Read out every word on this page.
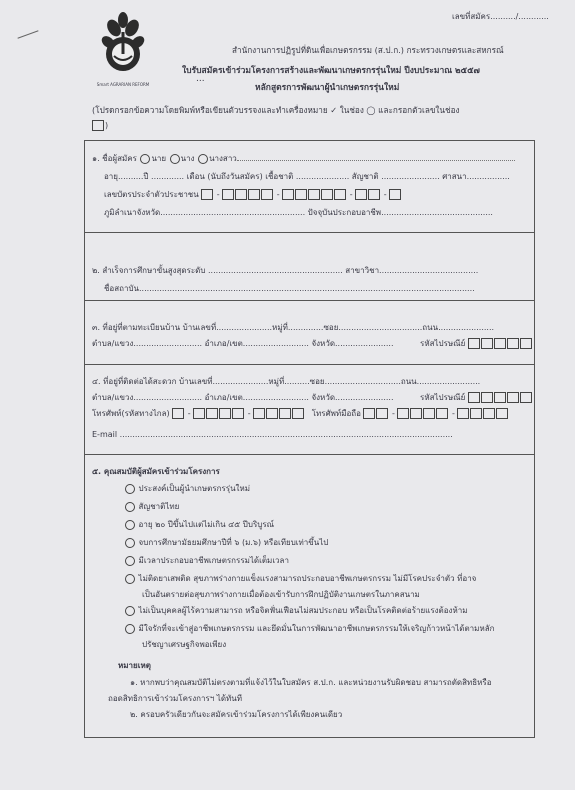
เลขที่สมัคร........../............
Smart AGRARIAN REFORM
สำนักงานการปฏิรูปที่ดินเพื่อเกษตรกรรม (ส.ป.ก.) กระทรวงเกษตรและสหกรณ์
ใบรับสมัครเข้าร่วมโครงการสร้างและพัฒนาเกษตรกรรุ่นใหม่ ปีงบประมาณ ๒๕๕๗
...
หลักสูตรการพัฒนาผู้นำเกษตรกรรุ่นใหม่
(โปรดกรอกข้อความโดยพิมพ์หรือเขียนตัวบรรจงและทำเครื่องหมาย ✓ ในช่อง ◯ และกรอกตัวเลขในช่อง
)
๑. ชื่อผู้สมัคร นาย นาง นางสาว
อายุ..........ปี ............. เดือน (นับถึงวันสมัคร) เชื้อชาติ ..................... สัญชาติ ....................... ศาสนา.................
เลขบัตรประจำตัวประชาชน  -	-	-	-
ภูมิลำเนาจังหวัด......................................................... ปัจจุบันประกอบอาชีพ............................................
๒. สำเร็จการศึกษาขั้นสูงสุดระดับ ..................................................... สาขาวิชา.......................................
ชื่อสถาบัน....................................................................................................................................
๓. ที่อยู่ที่ตามทะเบียนบ้าน บ้านเลขที่......................หมู่ที่..............ซอย.................................ถนน......................
ตำบล/แขวง........................... อำเภอ/เขต.......................... จังหวัด.......................	รหัสไปรษณีย์
๔. ที่อยู่ที่ติดต่อได้สะดวก บ้านเลขที่......................หมู่ที่..........ซอย..............................ถนน.........................
ตำบล/แขวง........................... อำเภอ/เขต.......................... จังหวัด.......................	รหัสไปรษณีย์
โทรศัพท์(รหัสทางไกล)  -	-	โทรศัพท์มือถือ	-	-
E-mail ...................................................................................................................................
๕. คุณสมบัติผู้สมัครเข้าร่วมโครงการ
ประสงค์เป็นผู้นำเกษตรกรรุ่นใหม่
สัญชาติไทย
อายุ ๒๐ ปีขึ้นไปแต่ไม่เกิน ๔๕ ปีบริบูรณ์
จบการศึกษามัธยมศึกษาปีที่ ๖ (ม.๖) หรือเทียบเท่าขึ้นไป
มีเวลาประกอบอาชีพเกษตรกรรมได้เต็มเวลา
ไม่ติดยาเสพติด สุขภาพร่างกายแข็งแรงสามารถประกอบอาชีพเกษตรกรรม ไม่มีโรคประจำตัว ที่อาจ
เป็นอันตรายต่อสุขภาพร่างกายเมื่อต้องเข้ารับการฝึกปฏิบัติงานเกษตรในภาคสนาม
ไม่เป็นบุคคลผู้ไร้ความสามารถ หรือจิตฟั่นเฟือนไม่สมประกอบ หรือเป็นโรคติดต่อร้ายแรงต้องห้าม
มีใจรักที่จะเข้าสู่อาชีพเกษตรกรรม และยึดมั่นในการพัฒนาอาชีพเกษตรกรรมให้เจริญก้าวหน้าได้ตามหลัก
ปรัชญาเศรษฐกิจพอเพียง
หมายเหตุ
๑. หากพบว่าคุณสมบัติไม่ตรงตามที่แจ้งไว้ในใบสมัคร ส.ป.ก. และหน่วยงานรับผิดชอบ สามารถตัดสิทธิหรือ
ถอดสิทธิการเข้าร่วมโครงการฯ ได้ทันที
๒. ครอบครัวเดียวกันจะสมัครเข้าร่วมโครงการได้เพียงคนเดียว
